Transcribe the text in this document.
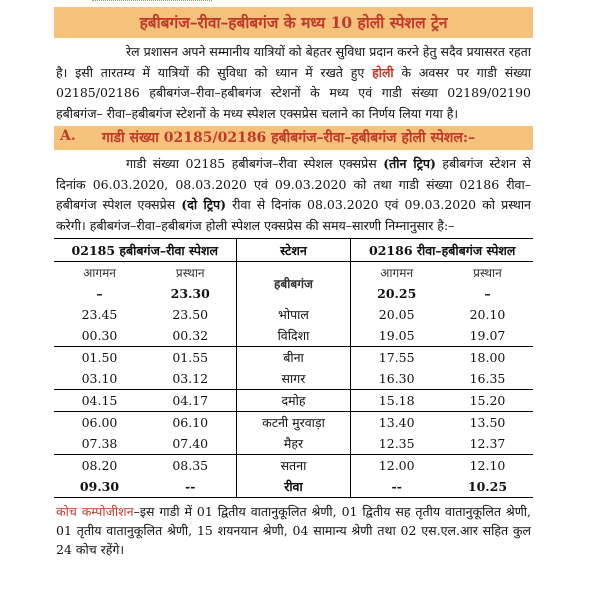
हबीबगंज–रीवा–हबीबगंज के मध्य 10 होली स्पेशल ट्रेन
रेल प्रशासन अपने सम्मानीय यात्रियों को बेहतर सुविधा प्रदान करने हेतु सदैव प्रयासरत रहता है। इसी तारतम्य में यात्रियों की सुविधा को ध्यान में रखते हुए होली के अवसर पर गाडी संख्या 02185/02186 हबीबगंज–रीवा–हबीबगंज स्टेशनों के मध्य एवं गाडी संख्या 02189/02190 हबीबगंज– रीवा–हबीबगंज स्टेशनों के मध्य स्पेशल एक्सप्रेस चलाने का निर्णय लिया गया है।
A.	गाडी संख्या 02185/02186 हबीबगंज–रीवा–हबीबगंज होली स्पेशल:–
गाडी संख्या 02185 हबीबगंज–रीवा स्पेशल एक्सप्रेस (तीन ट्रिप) हबीबगंज स्टेशन से दिनांक 06.03.2020, 08.03.2020 एवं 09.03.2020 को तथा गाडी संख्या 02186 रीवा–हबीबगंज स्पेशल एक्सप्रेस (दो ट्रिप) रीवा से दिनांक 08.03.2020 एवं 09.03.2020 को प्रस्थान करेगी। हबीबगंज–रीवा–हबीबगंज होली स्पेशल एक्सप्रेस की समय–सारणी निम्नानुसार है:–
02185 हबीबगंज–रीवा स्पेशल		स्टेशन	02186 रीवा–हबीबगंज स्पेशल	
आगमन	प्रस्थान	हबीबगंज	आगमन	प्रस्थान
–	23.30		20.25	–
23.45	23.50	भोपाल	20.05	20.10
00.30	00.32	विदिशा	19.05	19.07
01.50	01.55	बीना	17.55	18.00
03.10	03.12	सागर	16.30	16.35
04.15	04.17	दमोह	15.18	15.20
06.00	06.10	कटनी मुरवाड़ा	13.40	13.50
07.38	07.40	मैहर	12.35	12.37
08.20	08.35	सतना	12.00	12.10
09.30	--	रीवा	--	10.25
कोच कम्पोजीशन–इस गाडी में 01 द्वितीय वातानुकूलित श्रेणी, 01 द्वितीय सह तृतीय वातानुकूलित श्रेणी, 01 तृतीय वातानुकूलित श्रेणी, 15 शयनयान श्रेणी, 04 सामान्य श्रेणी तथा 02 एस.एल.आर सहित कुल 24 कोच रहेंगे।
